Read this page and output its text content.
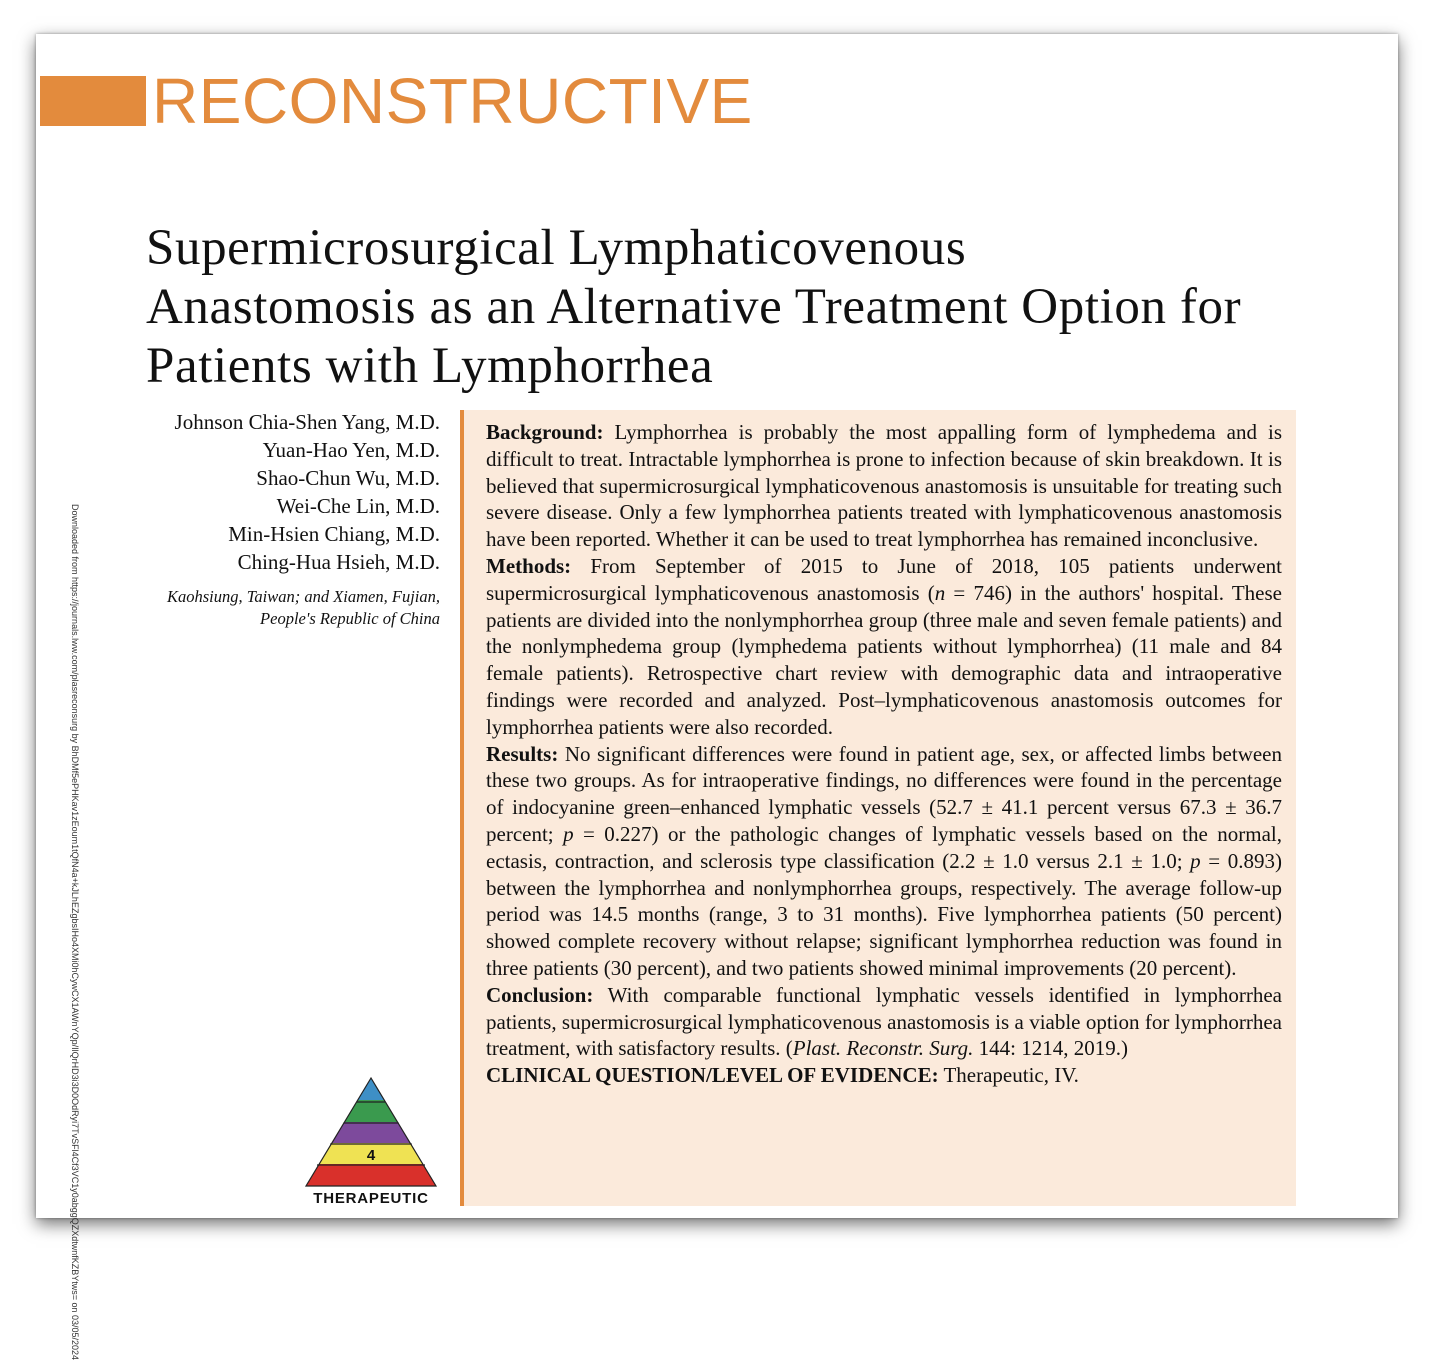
RECONSTRUCTIVE
Supermicrosurgical Lymphaticovenous Anastomosis as an Alternative Treatment Option for Patients with Lymphorrhea
Johnson Chia-Shen Yang, M.D.
Yuan-Hao Yen, M.D.
Shao-Chun Wu, M.D.
Wei-Che Lin, M.D.
Min-Hsien Chiang, M.D.
Ching-Hua Hsieh, M.D.
Kaohsiung, Taiwan; and Xiamen, Fujian, People's Republic of China
Downloaded from https://journals.lww.com/plasreconsurg by BhDMf5ePHKav1zEoum1tQfN4a+kJLhEZgbsIHo4XMi0hCywCX1AWnYQp/IlQrHD3i3D0OdRyi7TvSFl4Cf3VC1y0abggQZXdtwnfKZBYtws= on 03/05/2024

Background: Lymphorrhea is probably the most appalling form of lymphedema and is difficult to treat. Intractable lymphorrhea is prone to infection because of skin breakdown. It is believed that supermicrosurgical lymphaticovenous anastomosis is unsuitable for treating such severe disease. Only a few lymphorrhea patients treated with lymphaticovenous anastomosis have been reported. Whether it can be used to treat lymphorrhea has remained inconclusive.

Methods: From September of 2015 to June of 2018, 105 patients underwent supermicrosurgical lymphaticovenous anastomosis (n = 746) in the authors' hospital. These patients are divided into the nonlymphorrhea group (three male and seven female patients) and the nonlymphedema group (lymphedema patients without lymphorrhea) (11 male and 84 female patients). Retrospective chart review with demographic data and intraoperative findings were recorded and analyzed. Post–lymphaticovenous anastomosis outcomes for lymphorrhea patients were also recorded.

Results: No significant differences were found in patient age, sex, or affected limbs between these two groups. As for intraoperative findings, no differences were found in the percentage of indocyanine green–enhanced lymphatic vessels (52.7 ± 41.1 percent versus 67.3 ± 36.7 percent; p = 0.227) or the pathologic changes of lymphatic vessels based on the normal, ectasis, contraction, and sclerosis type classification (2.2 ± 1.0 versus 2.1 ± 1.0; p = 0.893) between the lymphorrhea and nonlymphorrhea groups, respectively. The average follow-up period was 14.5 months (range, 3 to 31 months). Five lymphorrhea patients (50 percent) showed complete recovery without relapse; significant lymphorrhea reduction was found in three patients (30 percent), and two patients showed minimal improvements (20 percent).

Conclusion: With comparable functional lymphatic vessels identified in lymphorrhea patients, supermicrosurgical lymphaticovenous anastomosis is a viable option for lymphorrhea treatment, with satisfactory results. (Plast. Reconstr. Surg. 144: 1214, 2019.)

CLINICAL QUESTION/LEVEL OF EVIDENCE: Therapeutic, IV.

4
THERAPEUTIC
